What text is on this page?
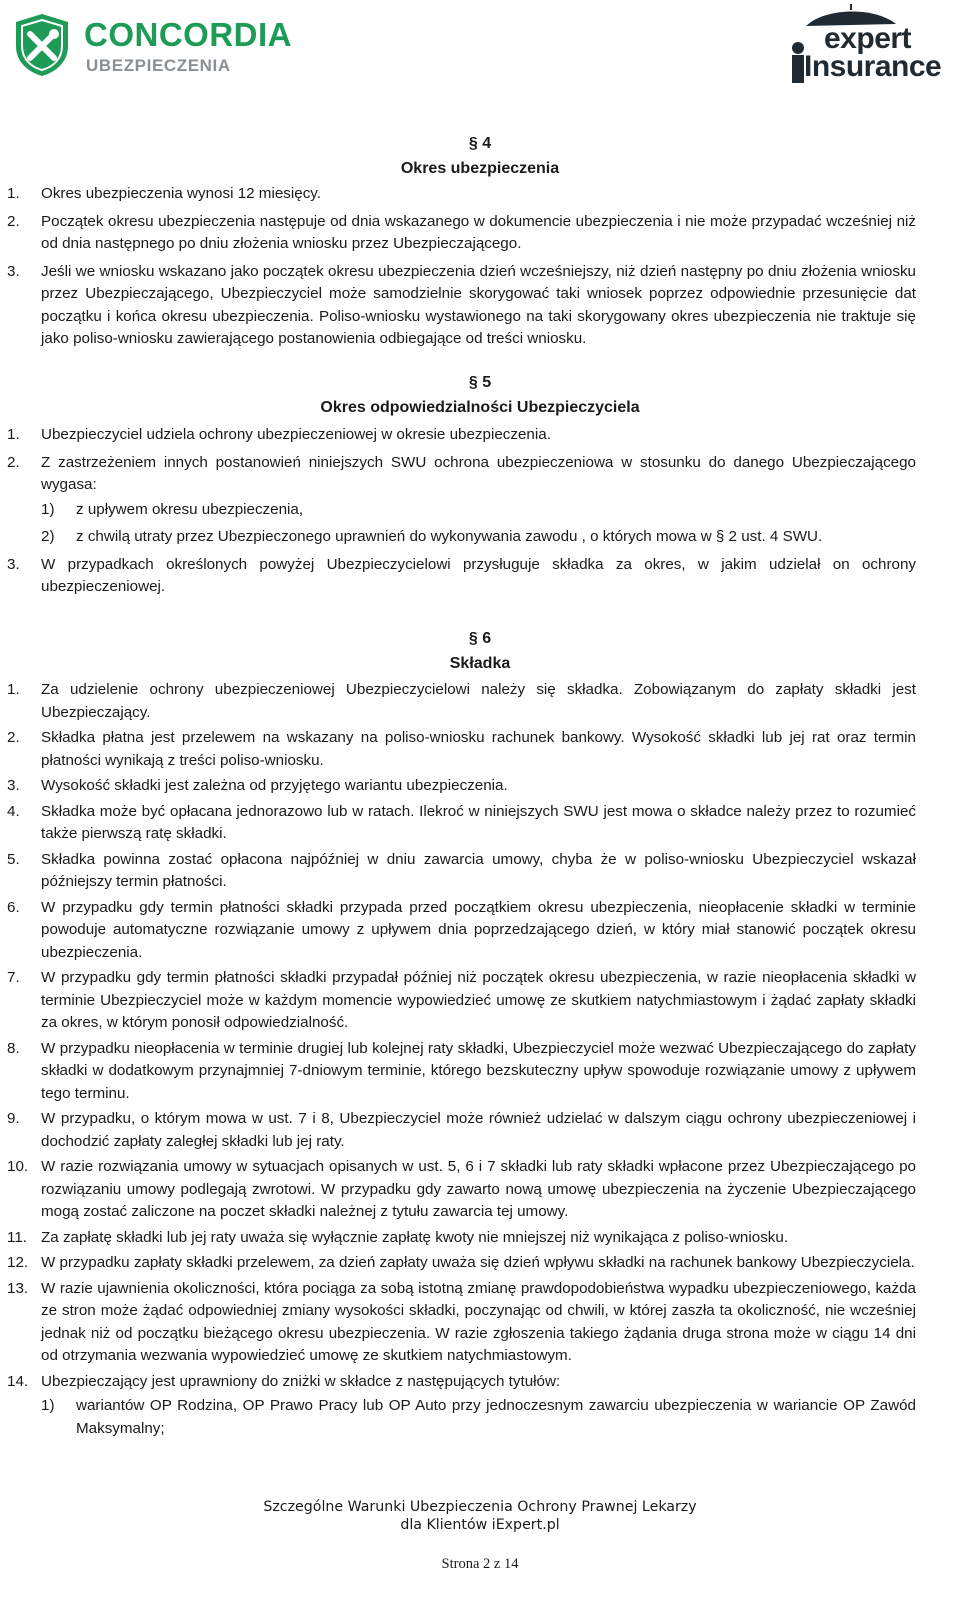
CONCORDIA
UBEZPIECZENIA
expert
Insurance
§ 4
Okres ubezpieczenia
1. Okres ubezpieczenia wynosi 12 miesięcy.
2. Początek okresu ubezpieczenia następuje od dnia wskazanego w dokumencie ubezpieczenia i nie może przypadać wcześniej niż od dnia następnego po dniu złożenia wniosku przez Ubezpieczającego.
3. Jeśli we wniosku wskazano jako początek okresu ubezpieczenia dzień wcześniejszy, niż dzień następny po dniu złożenia wniosku przez Ubezpieczającego, Ubezpieczyciel może samodzielnie skorygować taki wniosek poprzez odpowiednie przesunięcie dat początku i końca okresu ubezpieczenia. Poliso-wniosku wystawionego na taki skorygowany okres ubezpieczenia nie traktuje się jako poliso-wniosku zawierającego postanowienia odbiegające od treści wniosku.
§ 5
Okres odpowiedzialności Ubezpieczyciela
1. Ubezpieczyciel udziela ochrony ubezpieczeniowej w okresie ubezpieczenia.
2. Z zastrzeżeniem innych postanowień niniejszych SWU ochrona ubezpieczeniowa w stosunku do danego Ubezpieczającego wygasa:
1) z upływem okresu ubezpieczenia,
2) z chwilą utraty przez Ubezpieczonego uprawnień do wykonywania zawodu , o których mowa w § 2 ust. 4 SWU.
3. W przypadkach określonych powyżej Ubezpieczycielowi przysługuje składka za okres, w jakim udzielał on ochrony ubezpieczeniowej.
§ 6
Składka
1. Za udzielenie ochrony ubezpieczeniowej Ubezpieczycielowi należy się składka. Zobowiązanym do zapłaty składki jest Ubezpieczający.
2. Składka płatna jest przelewem na wskazany na poliso-wniosku rachunek bankowy. Wysokość składki lub jej rat oraz termin płatności wynikają z treści poliso-wniosku.
3. Wysokość składki jest zależna od przyjętego wariantu ubezpieczenia.
4. Składka może być opłacana jednorazowo lub w ratach. Ilekroć w niniejszych SWU jest mowa o składce należy przez to rozumieć także pierwszą ratę składki.
5. Składka powinna zostać opłacona najpóźniej w dniu zawarcia umowy, chyba że w poliso-wniosku Ubezpieczyciel wskazał późniejszy termin płatności.
6. W przypadku gdy termin płatności składki przypada przed początkiem okresu ubezpieczenia, nieopłacenie składki w terminie powoduje automatyczne rozwiązanie umowy z upływem dnia poprzedzającego dzień, w który miał stanowić początek okresu ubezpieczenia.
7. W przypadku gdy termin płatności składki przypadał później niż początek okresu ubezpieczenia, w razie nieopłacenia składki w terminie Ubezpieczyciel może w każdym momencie wypowiedzieć umowę ze skutkiem natychmiastowym i żądać zapłaty składki za okres, w którym ponosił odpowiedzialność.
8. W przypadku nieopłacenia w terminie drugiej lub kolejnej raty składki, Ubezpieczyciel może wezwać Ubezpieczającego do zapłaty składki w dodatkowym przynajmniej 7-dniowym terminie, którego bezskuteczny upływ spowoduje rozwiązanie umowy z upływem tego terminu.
9. W przypadku, o którym mowa w ust. 7 i 8, Ubezpieczyciel może również udzielać w dalszym ciągu ochrony ubezpieczeniowej i dochodzić zapłaty zaległej składki lub jej raty.
10. W razie rozwiązania umowy w sytuacjach opisanych w ust. 5, 6 i 7 składki lub raty składki wpłacone przez Ubezpieczającego po rozwiązaniu umowy podlegają zwrotowi. W przypadku gdy zawarto nową umowę ubezpieczenia na życzenie Ubezpieczającego mogą zostać zaliczone na poczet składki należnej z tytułu zawarcia tej umowy.
11. Za zapłatę składki lub jej raty uważa się wyłącznie zapłatę kwoty nie mniejszej niż wynikająca z poliso-wniosku.
12. W przypadku zapłaty składki przelewem, za dzień zapłaty uważa się dzień wpływu składki na rachunek bankowy Ubezpieczyciela.
13. W razie ujawnienia okoliczności, która pociąga za sobą istotną zmianę prawdopodobieństwa wypadku ubezpieczeniowego, każda ze stron może żądać odpowiedniej zmiany wysokości składki, poczynając od chwili, w której zaszła ta okoliczność, nie wcześniej jednak niż od początku bieżącego okresu ubezpieczenia. W razie zgłoszenia takiego żądania druga strona może w ciągu 14 dni od otrzymania wezwania wypowiedzieć umowę ze skutkiem natychmiastowym.
14. Ubezpieczający jest uprawniony do zniżki w składce z następujących tytułów:
1) wariantów OP Rodzina, OP Prawo Pracy lub OP Auto przy jednoczesnym zawarciu ubezpieczenia w wariancie OP Zawód Maksymalny;
Szczególne Warunki Ubezpieczenia Ochrony Prawnej Lekarzy
dla Klientów iExpert.pl
Strona 2 z 14
